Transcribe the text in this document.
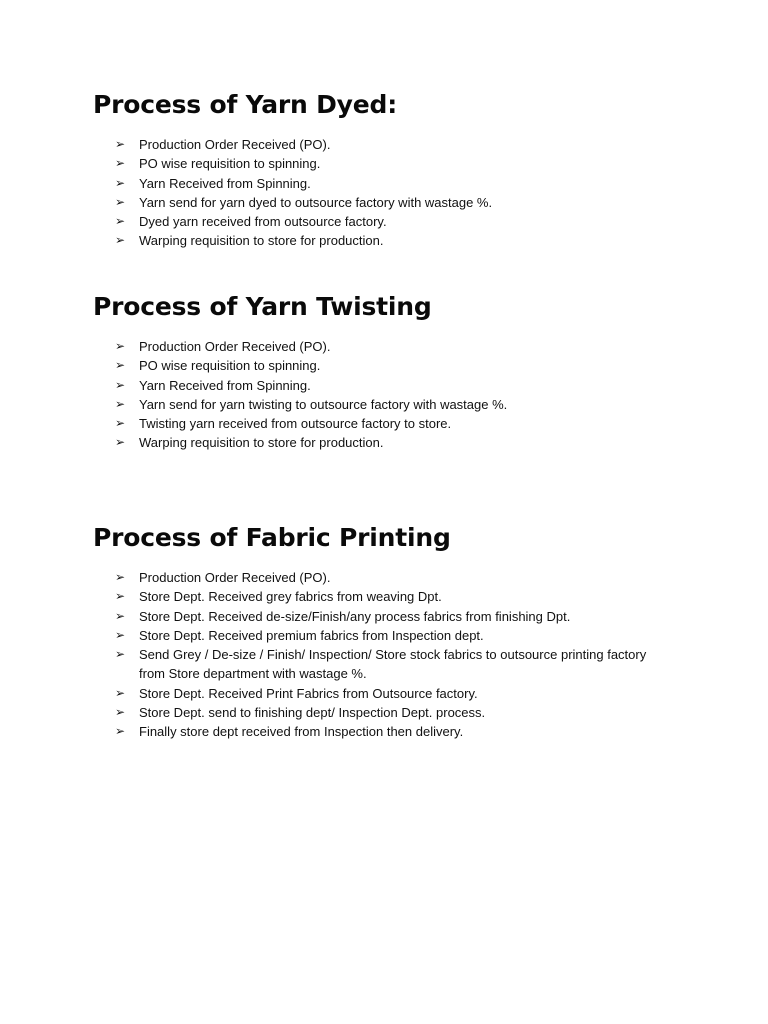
Process of Yarn Dyed:
➢ Production Order Received (PO).
➢ PO wise requisition to spinning.
➢ Yarn Received from Spinning.
➢ Yarn send for yarn dyed to outsource factory with wastage %.
➢ Dyed yarn received from outsource factory.
➢ Warping requisition to store for production.
Process of Yarn Twisting
➢ Production Order Received (PO).
➢ PO wise requisition to spinning.
➢ Yarn Received from Spinning.
➢ Yarn send for yarn twisting to outsource factory with wastage %.
➢ Twisting yarn received from outsource factory to store.
➢ Warping requisition to store for production.
Process of Fabric Printing
➢ Production Order Received (PO).
➢ Store Dept. Received grey fabrics from weaving Dpt.
➢ Store Dept. Received de-size/Finish/any process fabrics from finishing Dpt.
➢ Store Dept. Received premium fabrics from Inspection dept.
➢ Send Grey / De-size / Finish/ Inspection/ Store stock fabrics to outsource printing factory from Store department with wastage %.
➢ Store Dept. Received Print Fabrics from Outsource factory.
➢ Store Dept. send to finishing dept/ Inspection Dept. process.
➢ Finally store dept received from Inspection then delivery.
